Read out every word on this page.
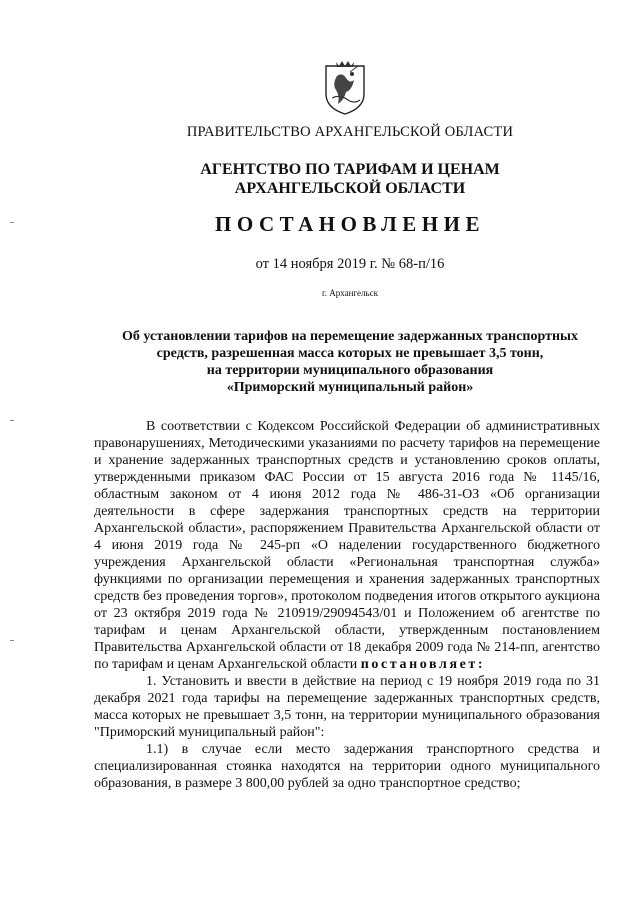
ПРАВИТЕЛЬСТВО АРХАНГЕЛЬСКОЙ ОБЛАСТИ
АГЕНТСТВО ПО ТАРИФАМ И ЦЕНАМ
АРХАНГЕЛЬСКОЙ ОБЛАСТИ
ПОСТАНОВЛЕНИЕ
от 14 ноября 2019 г. № 68-п/16
г. Архангельск
Об установлении тарифов на перемещение задержанных транспортных
средств, разрешенная масса которых не превышает 3,5 тонн,
на территории муниципального образования
«Приморский муниципальный район»

В соответствии с Кодексом Российской Федерации об административных правонарушениях, Методическими указаниями по расчету тарифов на перемещение и хранение задержанных транспортных средств и установлению сроков оплаты, утвержденными приказом ФАС России от 15 августа 2016 года № 1145/16, областным законом от 4 июня 2012 года № 486-31-ОЗ «Об организации деятельности в сфере задержания транспортных средств на территории Архангельской области», распоряжением Правительства Архангельской области от 4 июня 2019 года № 245-рп «О наделении государственного бюджетного учреждения Архангельской области «Региональная транспортная служба» функциями по организации перемещения и хранения задержанных транспортных средств без проведения торгов», протоколом подведения итогов открытого аукциона от 23 октября 2019 года № 210919/29094543/01 и Положением об агентстве по тарифам и ценам Архангельской области, утвержденным постановлением Правительства Архангельской области от 18 декабря 2009 года № 214-пп, агентство по тарифам и ценам Архангельской области постановляет:

1. Установить и ввести в действие на период с 19 ноября 2019 года по 31 декабря 2021 года тарифы на перемещение задержанных транспортных средств, масса которых не превышает 3,5 тонн, на территории муниципального образования "Приморский муниципальный район":

1.1) в случае если место задержания транспортного средства и специализированная стоянка находятся на территории одного муниципального образования, в размере 3 800,00 рублей за одно транспортное средство;
